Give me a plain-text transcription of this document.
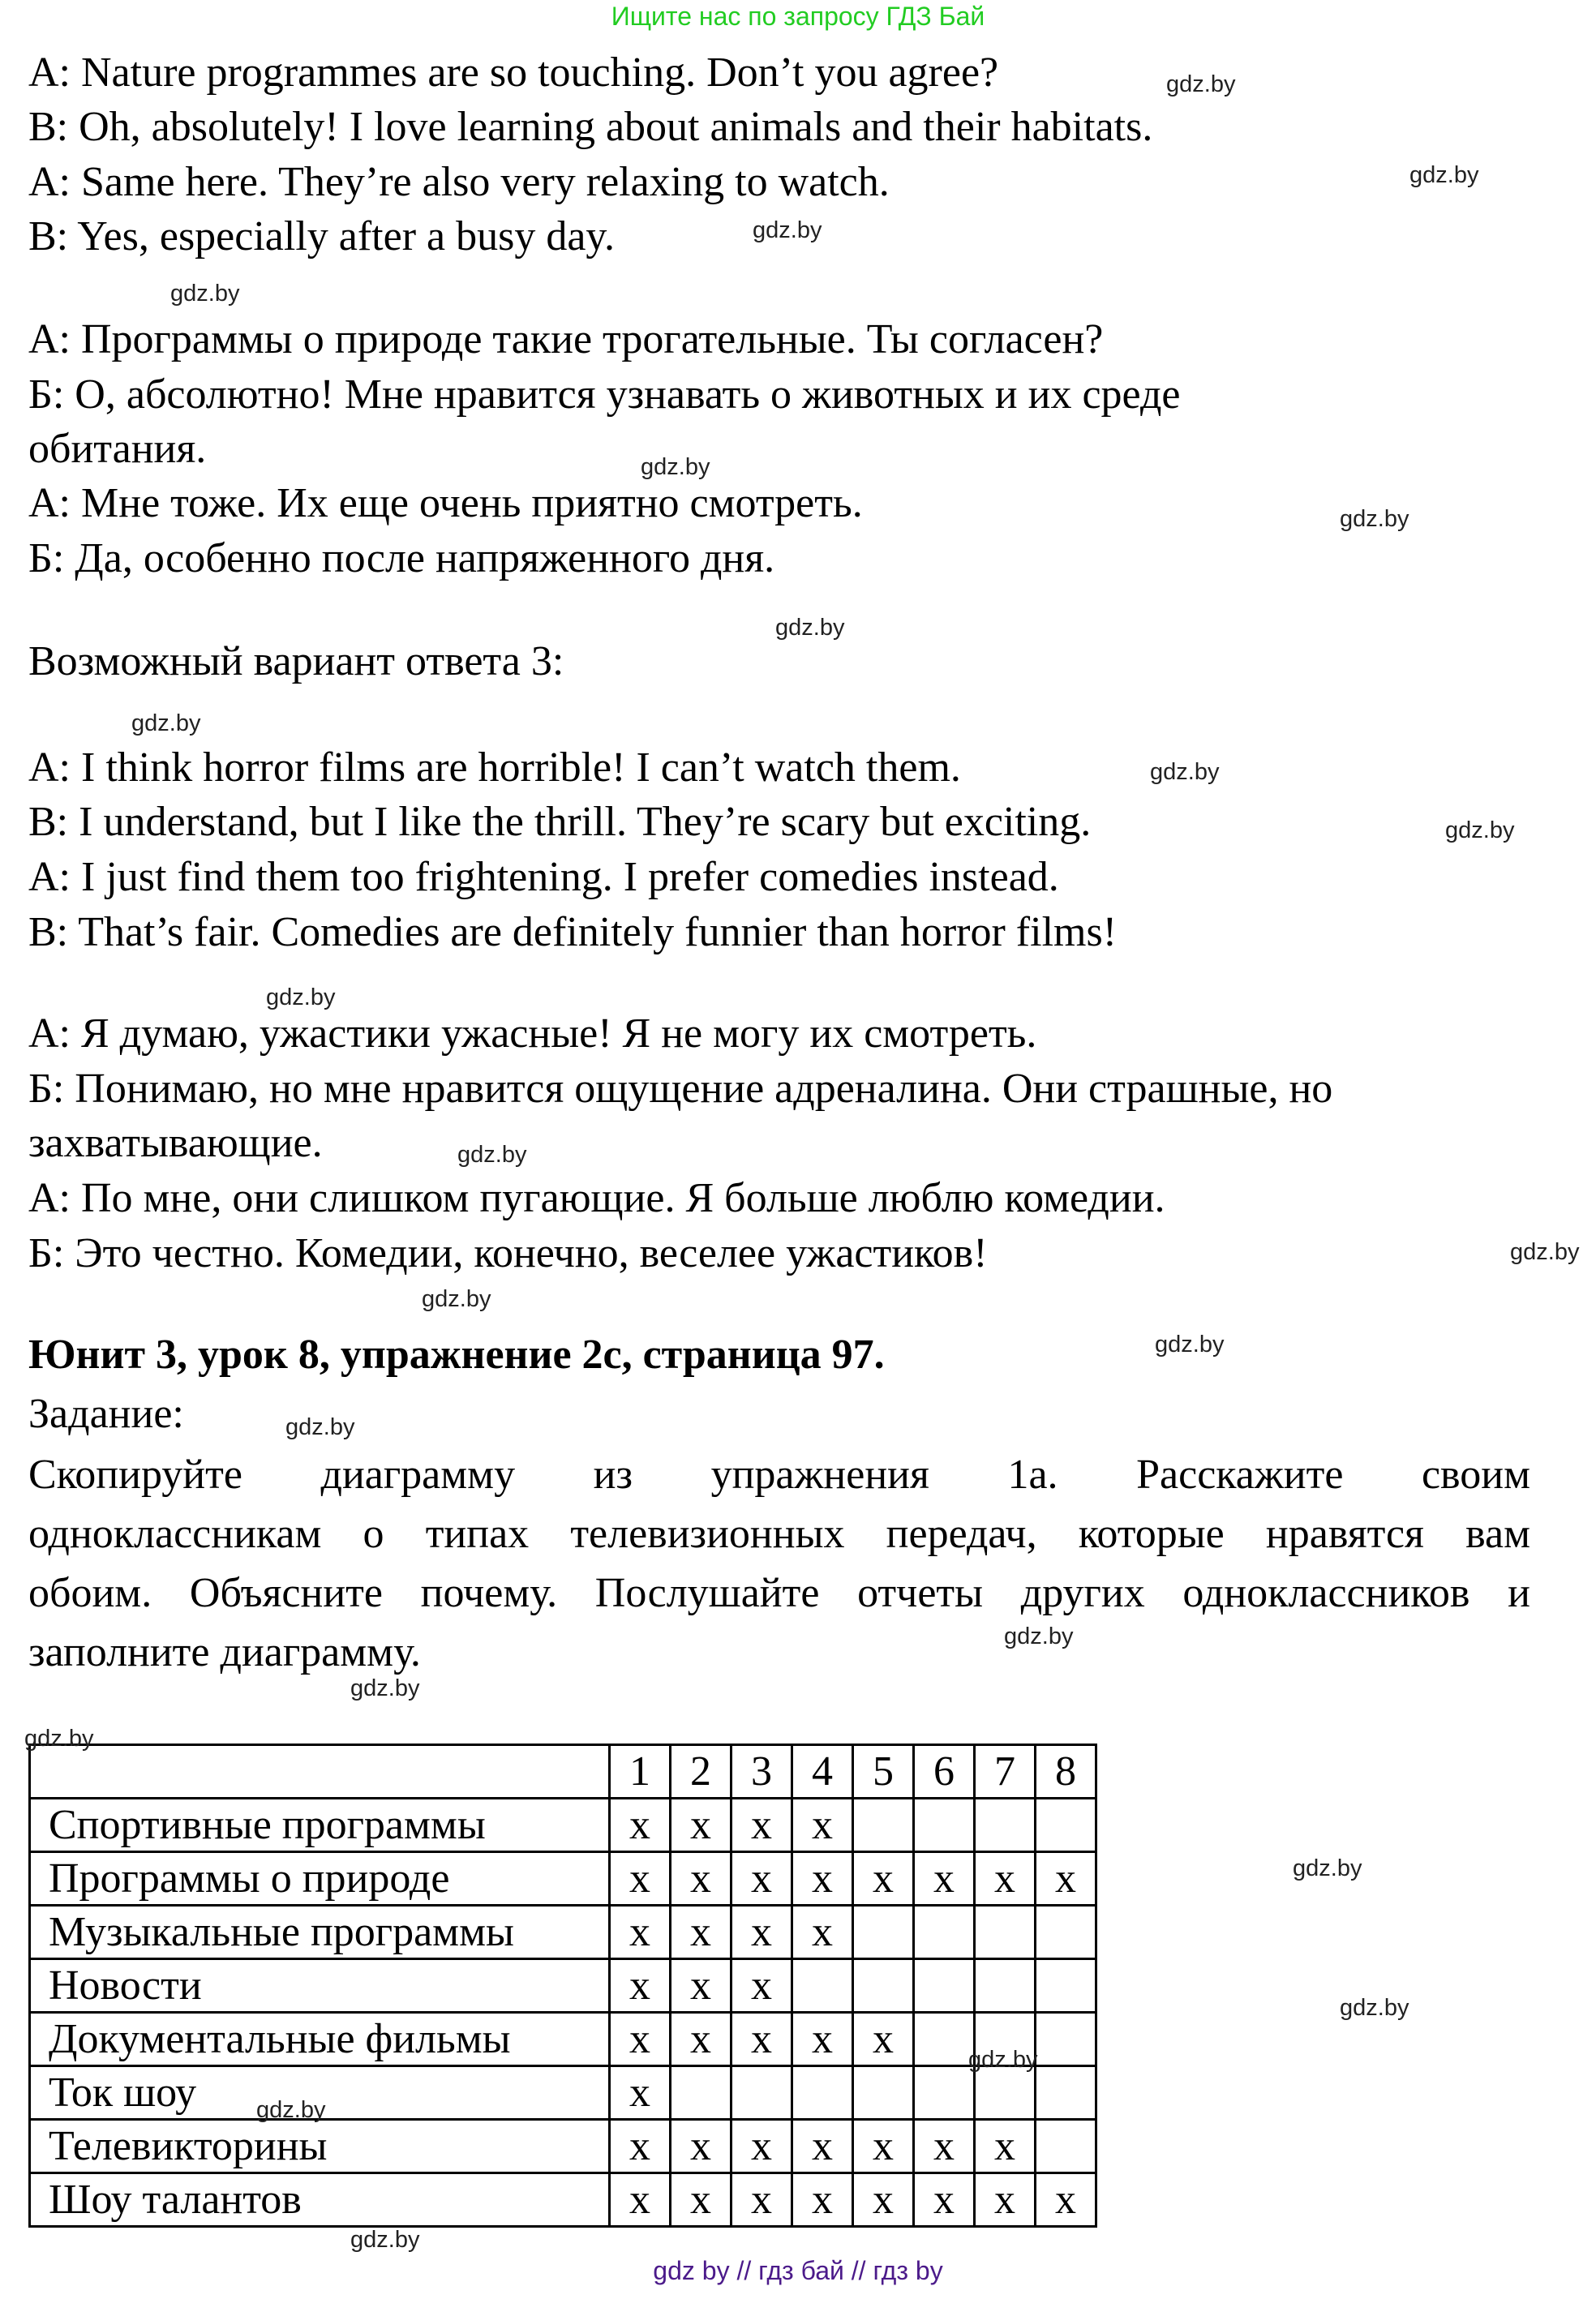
Ищите нас по запросу ГДЗ Бай
A: Nature programmes are so touching. Don’t you agree?
B: Oh, absolutely! I love learning about animals and their habitats.
A: Same here. They’re also very relaxing to watch.
B: Yes, especially after a busy day.
А: Программы о природе такие трогательные. Ты согласен?
Б: О, абсолютно! Мне нравится узнавать о животных и их среде
обитания.
А: Мне тоже. Их еще очень приятно смотреть.
Б: Да, особенно после напряженного дня.
Возможный вариант ответа 3:
A: I think horror films are horrible! I can’t watch them.
B: I understand, but I like the thrill. They’re scary but exciting.
A: I just find them too frightening. I prefer comedies instead.
B: That’s fair. Comedies are definitely funnier than horror films!
А: Я думаю, ужастики ужасные! Я не могу их смотреть.
Б: Понимаю, но мне нравится ощущение адреналина. Они страшные, но
захватывающие.
А: По мне, они слишком пугающие. Я больше люблю комедии.
Б: Это честно. Комедии, конечно, веселее ужастиков!
Юнит 3, урок 8, упражнение 2c, страница 97.
Задание:
Скопируйте диаграмму из упражнения 1a. Расскажите своим
одноклассникам о типах телевизионных передач, которые нравятся вам
обоим. Объясните почему. Послушайте отчеты других одноклассников и
заполните диаграмму.
	1	2	3	4	5	6	7	8
Спортивные программы	x	x	x	x				
Программы о природе	x	x	x	x	x	x	x	x
Музыкальные программы	x	x	x	x				
Новости	x	x	x					
Документальные фильмы	x	x	x	x	x			
Ток шоу	x							
Телевикторины	x	x	x	x	x	x	x	
Шоу талантов	x	x	x	x	x	x	x	x
gdz.by
gdz.by
gdz.by
gdz.by
gdz.by
gdz.by
gdz.by
gdz.by
gdz.by
gdz.by
gdz.by
gdz.by
gdz.by
gdz.by
gdz.by
gdz.by
gdz.by
gdz.by
gdz.by
gdz.by
gdz.by
gdz.by
gdz.by
gdz.by
gdz by // гдз бай // гдз by
